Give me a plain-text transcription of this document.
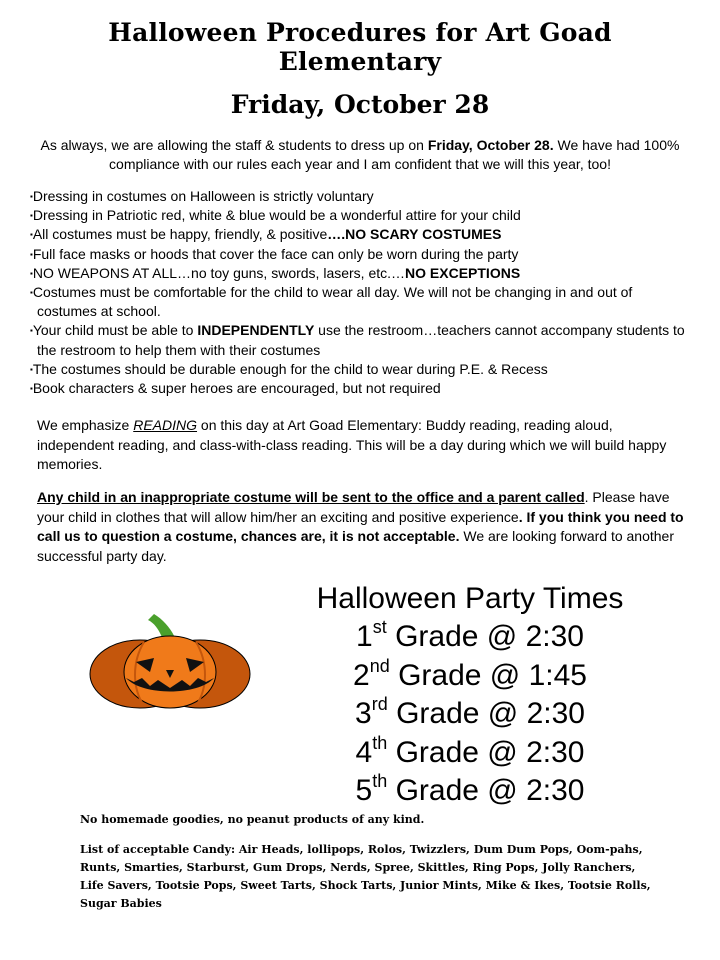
Halloween Procedures for Art Goad Elementary
Friday, October 28
As always, we are allowing the staff & students to dress up on Friday, October 28. We have had 100% compliance with our rules each year and I am confident that we will this year, too!
▪ Dressing in costumes on Halloween is strictly voluntary
▪ Dressing in Patriotic red, white & blue would be a wonderful attire for your child
▪ All costumes must be happy, friendly, & positive….NO SCARY COSTUMES
▪ Full face masks or hoods that cover the face can only be worn during the party
▪ NO WEAPONS AT ALL…no toy guns, swords, lasers, etc.…NO EXCEPTIONS
▪ Costumes must be comfortable for the child to wear all day. We will not be changing in and out of costumes at school.
▪ Your child must be able to INDEPENDENTLY use the restroom…teachers cannot accompany students to the restroom to help them with their costumes
▪ The costumes should be durable enough for the child to wear during P.E. & Recess
▪ Book characters & super heroes are encouraged, but not required
We emphasize READING on this day at Art Goad Elementary: Buddy reading, reading aloud, independent reading, and class-with-class reading. This will be a day during which we will build happy memories.
Any child in an inappropriate costume will be sent to the office and a parent called. Please have your child in clothes that will allow him/her an exciting and positive experience. If you think you need to call us to question a costume, chances are, it is not acceptable. We are looking forward to another successful party day.
Halloween Party Times
1st Grade @ 2:30
2nd Grade @ 1:45
3rd Grade @ 2:30
4th Grade @ 2:30
5th Grade @ 2:30
No homemade goodies, no peanut products of any kind.
List of acceptable Candy: Air Heads, lollipops, Rolos, Twizzlers, Dum Dum Pops, Oom-pahs, Runts, Smarties, Starburst, Gum Drops, Nerds, Spree, Skittles, Ring Pops, Jolly Ranchers, Life Savers, Tootsie Pops, Sweet Tarts, Shock Tarts, Junior Mints, Mike & Ikes, Tootsie Rolls, Sugar Babies
